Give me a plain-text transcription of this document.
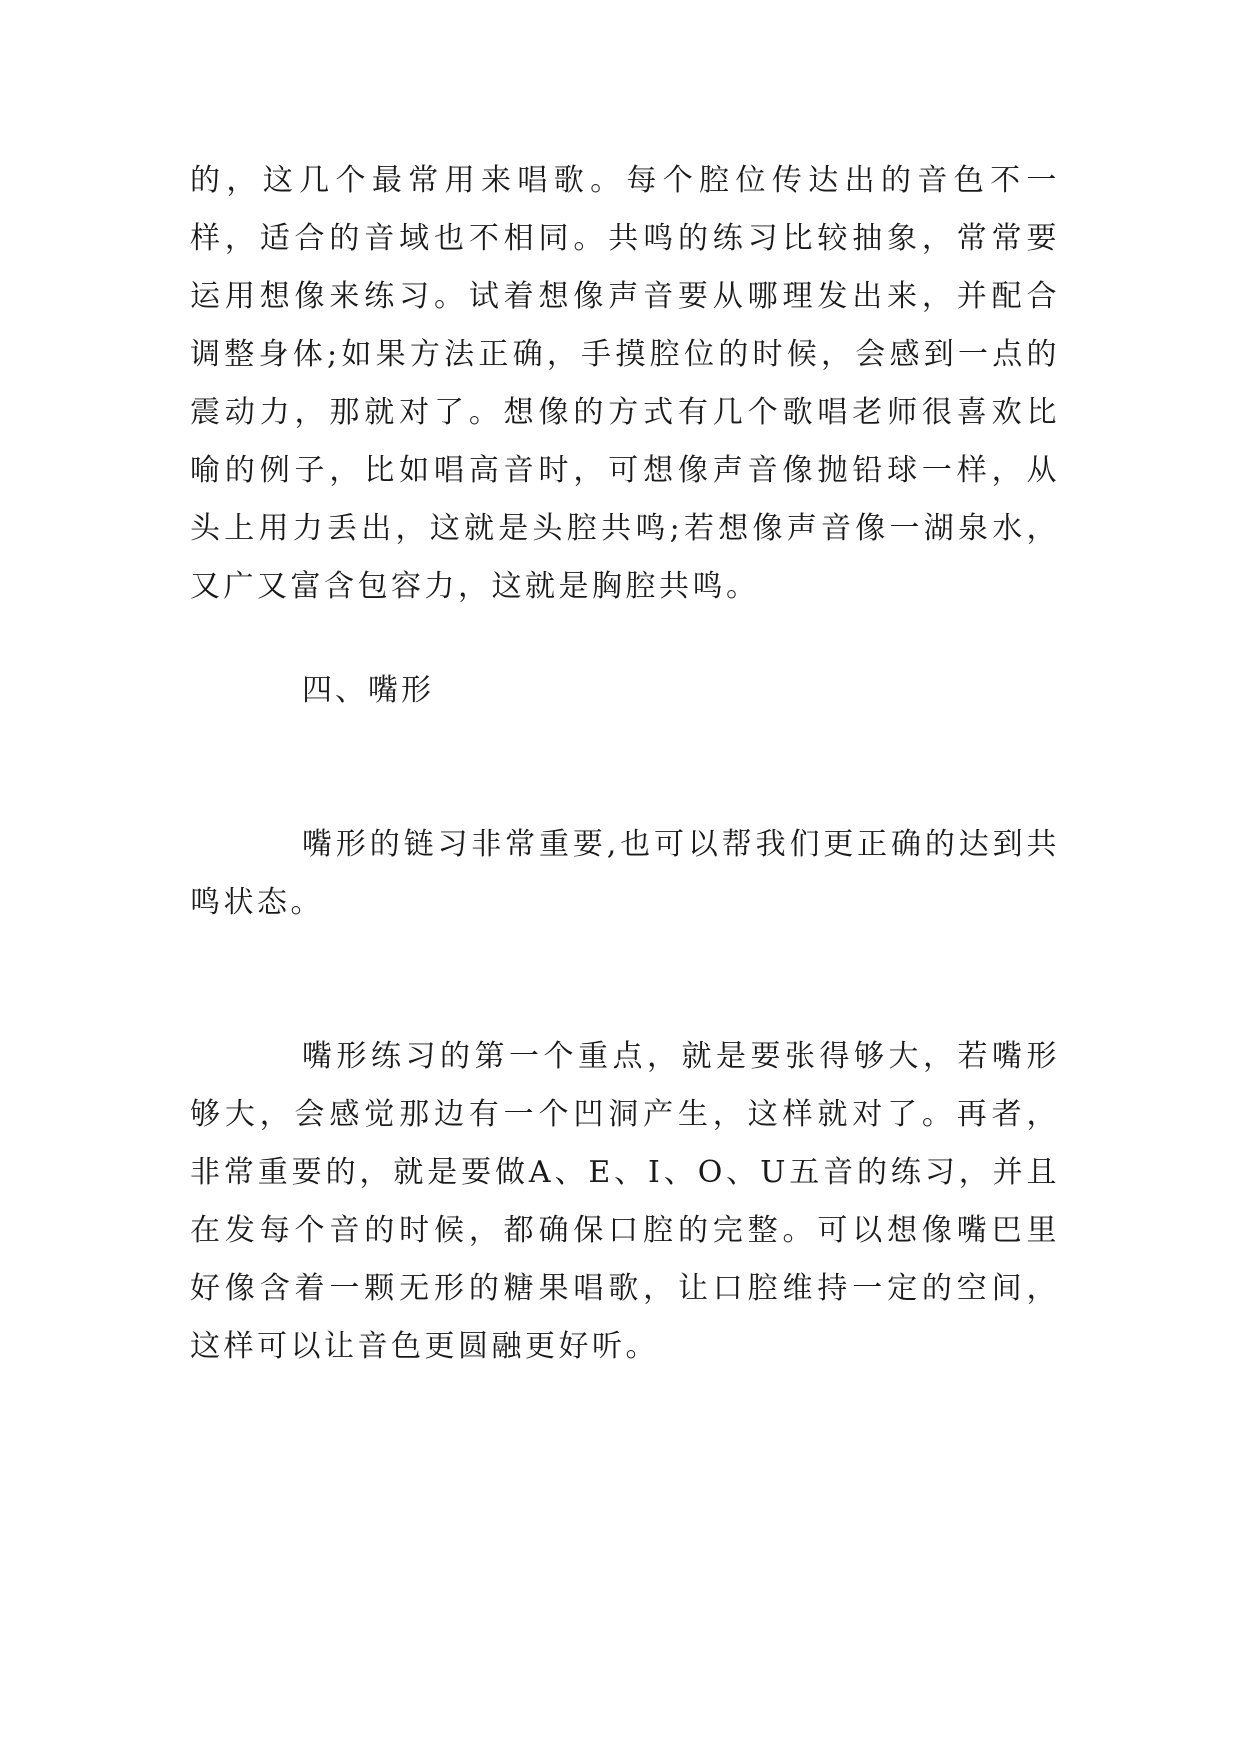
的，这几个最常用来唱歌。每个腔位传达出的音色不一样，适合的音域也不相同。共鸣的练习比较抽象，常常要运用想像来练习。试着想像声音要从哪理发出来，并配合调整身体;如果方法正确，手摸腔位的时候，会感到一点的震动力，那就对了。想像的方式有几个歌唱老师很喜欢比喻的例子，比如唱高音时，可想像声音像抛铅球一样，从头上用力丢出，这就是头腔共鸣;若想像声音像一湖泉水，又广又富含包容力，这就是胸腔共鸣。

四、嘴形

嘴形的链习非常重要,也可以帮我们更正确的达到共鸣状态。

嘴形练习的第一个重点，就是要张得够大，若嘴形够大，会感觉那边有一个凹洞产生，这样就对了。再者，非常重要的，就是要做A、E、I、O、U五音的练习，并且在发每个音的时候，都确保口腔的完整。可以想像嘴巴里好像含着一颗无形的糖果唱歌，让口腔维持一定的空间，这样可以让音色更圆融更好听。
